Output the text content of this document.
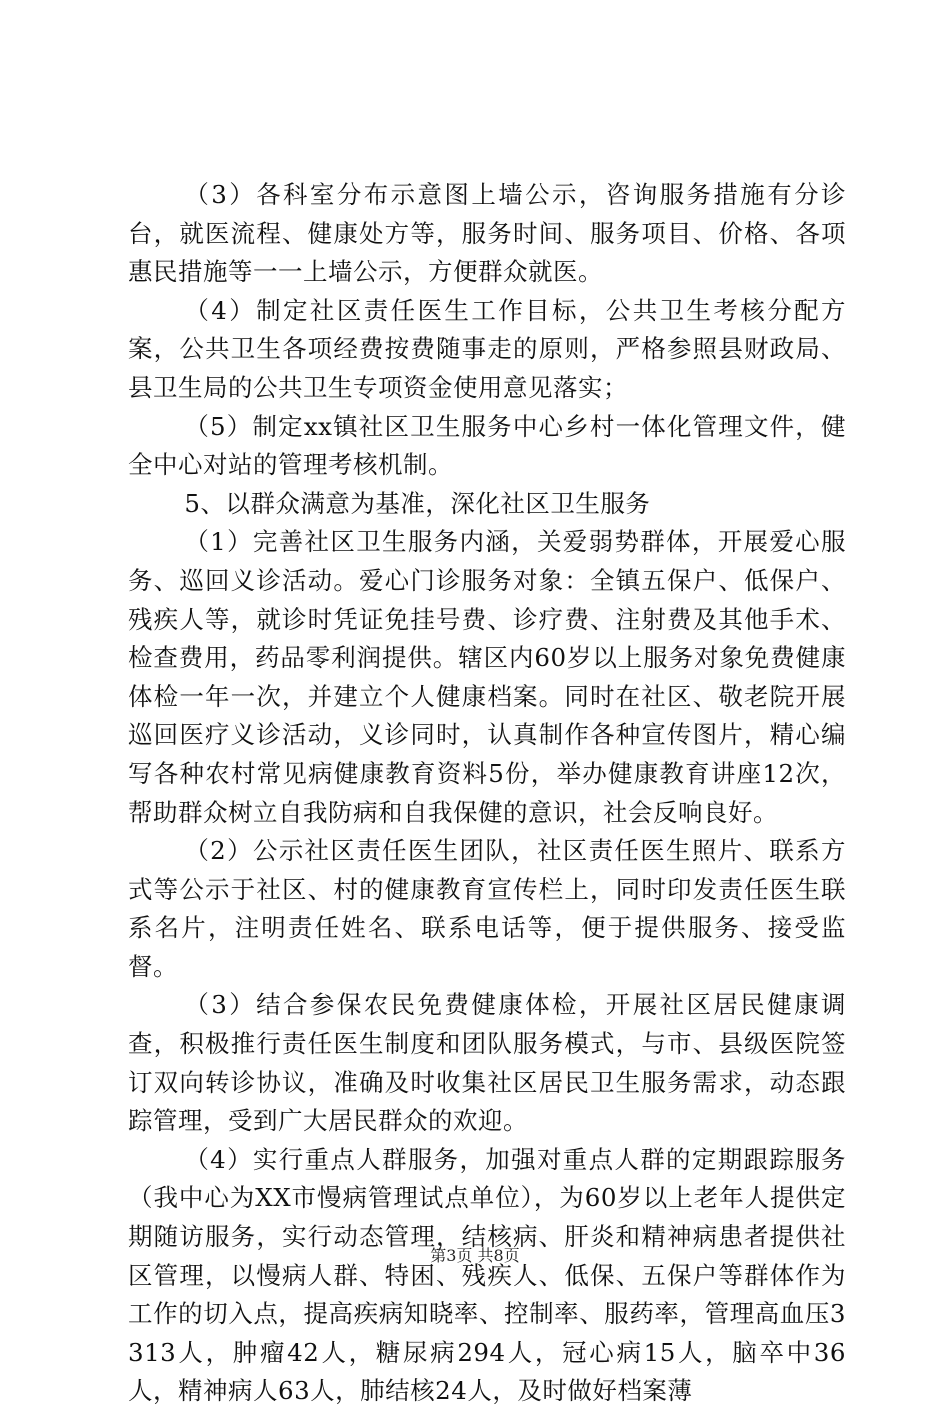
（3）各科室分布示意图上墙公示，咨询服务措施有分诊台，就医流程、健康处方等，服务时间、服务项目、价格、各项惠民措施等一一上墙公示，方便群众就医。

（4）制定社区责任医生工作目标，公共卫生考核分配方案，公共卫生各项经费按费随事走的原则，严格参照县财政局、县卫生局的公共卫生专项资金使用意见落实；

（5）制定xx镇社区卫生服务中心乡村一体化管理文件，健全中心对站的管理考核机制。

5、以群众满意为基准，深化社区卫生服务

（1）完善社区卫生服务内涵，关爱弱势群体，开展爱心服务、巡回义诊活动。爱心门诊服务对象：全镇五保户、低保户、残疾人等，就诊时凭证免挂号费、诊疗费、注射费及其他手术、检查费用，药品零利润提供。辖区内60岁以上服务对象免费健康体检一年一次，并建立个人健康档案。同时在社区、敬老院开展巡回医疗义诊活动，义诊同时，认真制作各种宣传图片，精心编写各种农村常见病健康教育资料5份，举办健康教育讲座12次，帮助群众树立自我防病和自我保健的意识，社会反响良好。

（2）公示社区责任医生团队，社区责任医生照片、联系方式等公示于社区、村的健康教育宣传栏上，同时印发责任医生联系名片，注明责任姓名、联系电话等，便于提供服务、接受监督。

（3）结合参保农民免费健康体检，开展社区居民健康调查，积极推行责任医生制度和团队服务模式，与市、县级医院签订双向转诊协议，准确及时收集社区居民卫生服务需求，动态跟踪管理，受到广大居民群众的欢迎。

（4）实行重点人群服务，加强对重点人群的定期跟踪服务（我中心为XX市慢病管理试点单位），为60岁以上老年人提供定期随访服务，实行动态管理，结核病、肝炎和精神病患者提供社区管理，以慢病人群、特困、残疾人、低保、五保户等群体作为工作的切入点，提高疾病知晓率、控制率、服药率，管理高血压3313人，肿瘤42人，糖尿病294人，冠心病15人，脑卒中36人，精神病人63人，肺结核24人，及时做好档案薄

第3页 共8页
